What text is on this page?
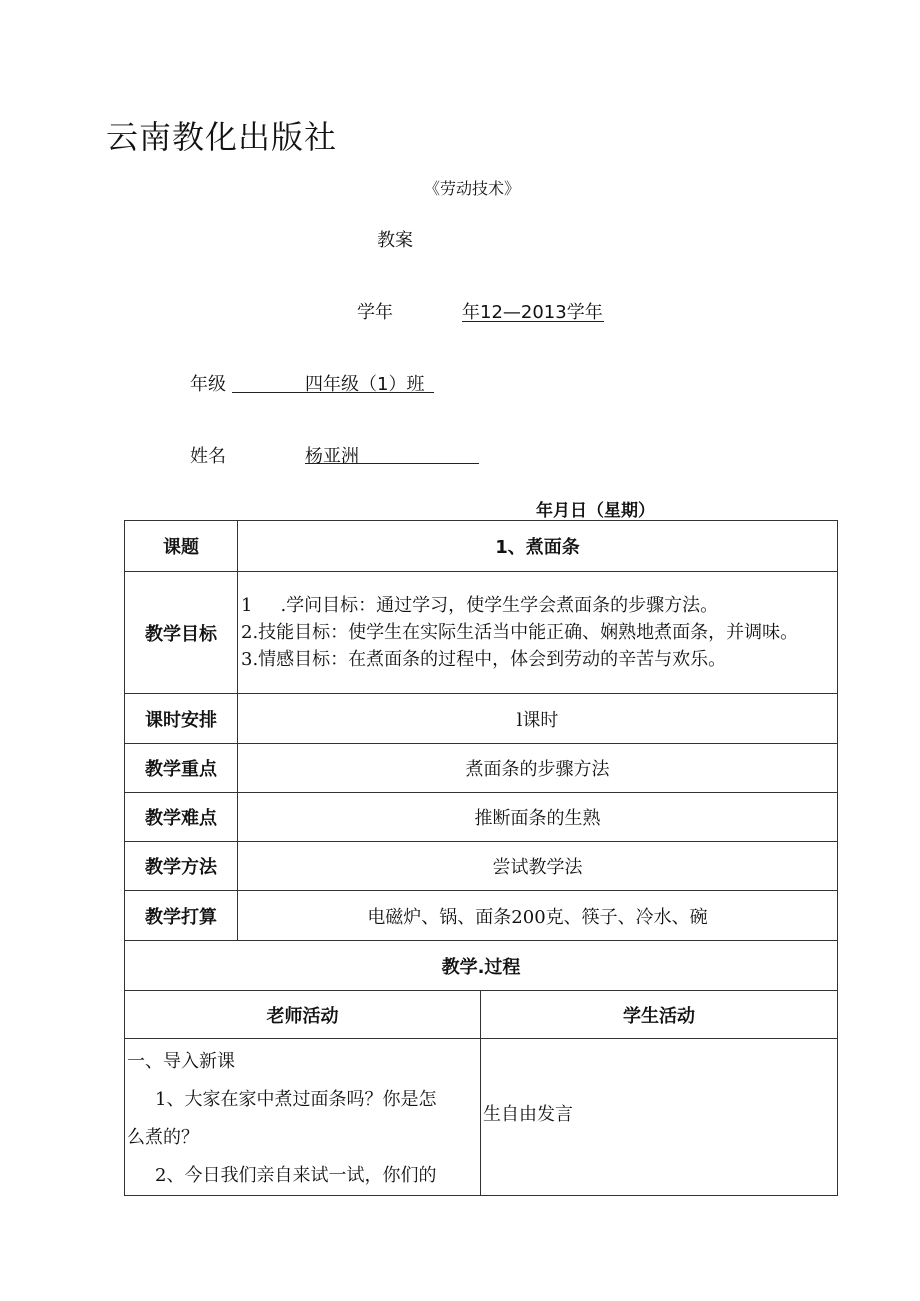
云南教化出版社
《劳动技术》
教案
学年	年12—2013学年
年级	四年级（1）班
姓名	杨亚洲
年月日（星期）
课题	1、煮面条	
教学目标	1 .学问目标：通过学习，使学生学会煮面条的步骤方法。
2.技能目标：使学生在实际生活当中能正确、娴熟地煮面条，并调味。
3.情感目标：在煮面条的过程中，体会到劳动的辛苦与欢乐。	

课时安排	l课时	
教学重点	煮面条的步骤方法	
教学难点	推断面条的生熟	
教学方法	尝试教学法	
教学打算	电磁炉、锅、面条200克、筷子、冷水、碗	
教学.过程		
老师活动		学生活动

一、导入新课

1、大家在家中煮过面条吗？你是怎

么煮的？

2、今日我们亲自来试一试，你们的		生自由发言
